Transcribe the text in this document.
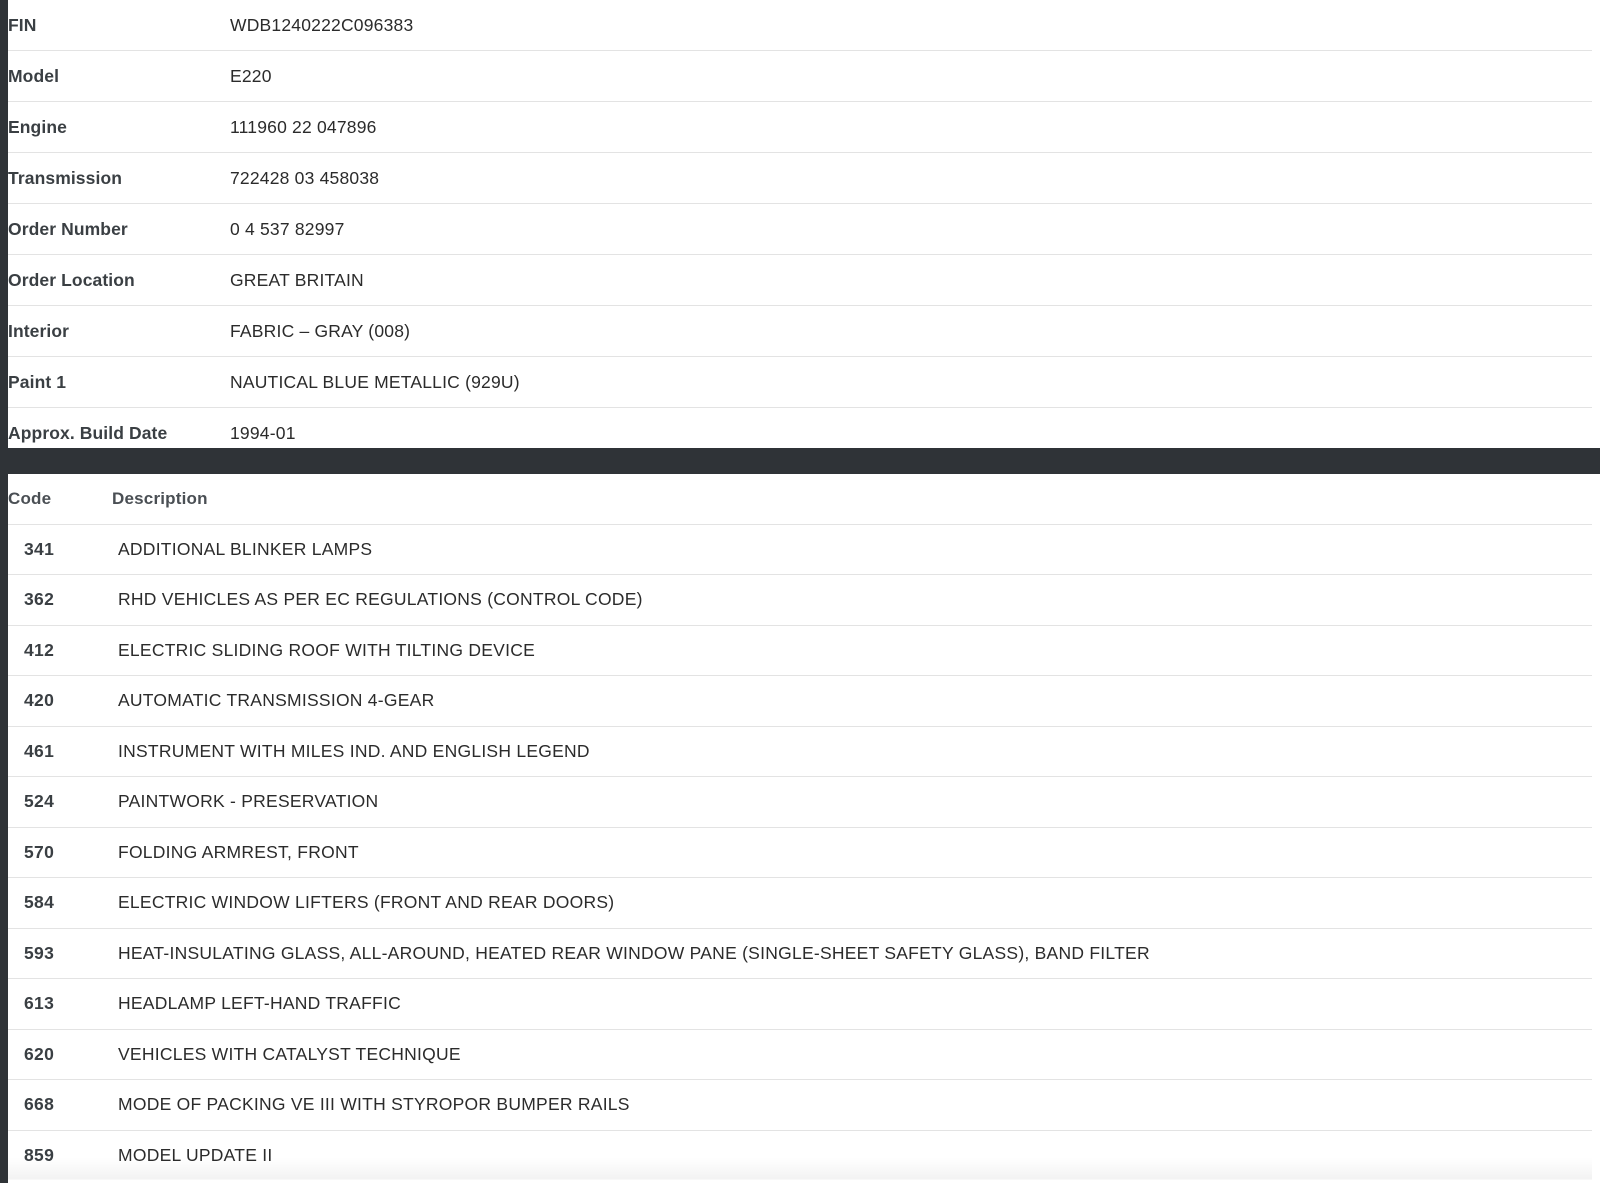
FIN	WDB1240222C096383
Model	E220
Engine	111960 22 047896
Transmission	722428 03 458038
Order Number	0 4 537 82997
Order Location	GREAT BRITAIN
Interior	FABRIC – GRAY (008)
Paint 1	NAUTICAL BLUE METALLIC (929U)
Approx. Build Date	1994-01
Code	Description
341	ADDITIONAL BLINKER LAMPS
362	RHD VEHICLES AS PER EC REGULATIONS (CONTROL CODE)
412	ELECTRIC SLIDING ROOF WITH TILTING DEVICE
420	AUTOMATIC TRANSMISSION 4-GEAR
461	INSTRUMENT WITH MILES IND. AND ENGLISH LEGEND
524	PAINTWORK - PRESERVATION
570	FOLDING ARMREST, FRONT
584	ELECTRIC WINDOW LIFTERS (FRONT AND REAR DOORS)
593	HEAT-INSULATING GLASS, ALL-AROUND, HEATED REAR WINDOW PANE (SINGLE-SHEET SAFETY GLASS), BAND FILTER
613	HEADLAMP LEFT-HAND TRAFFIC
620	VEHICLES WITH CATALYST TECHNIQUE
668	MODE OF PACKING VE III WITH STYROPOR BUMPER RAILS
859	MODEL UPDATE II
